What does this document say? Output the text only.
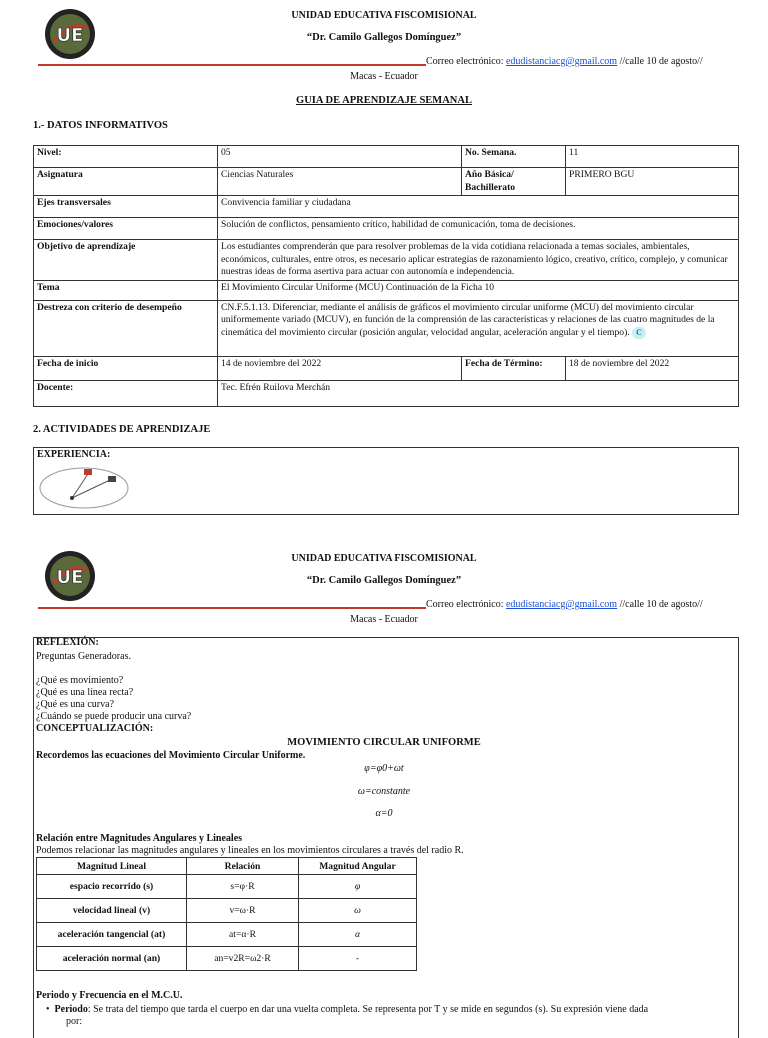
UE
UNIDAD EDUCATIVA FISCOMISIONAL
“Dr. Camilo Gallegos Domínguez”
Correo electrónico: edudistanciacg@gmail.com //calle 10 de agosto//
Macas - Ecuador
GUIA DE APRENDIZAJE SEMANAL
1.- DATOS INFORMATIVOS
Nivel:	05	No. Semana.	11
Asignatura	Ciencias Naturales	Año Básica/ Bachillerato	PRIMERO BGU
Ejes transversales	Convivencia familiar y ciudadana		
Emociones/valores	Solución de conflictos, pensamiento crítico, habilidad de comunicación, toma de decisiones.		
Objetivo de aprendizaje	Los estudiantes comprenderán que para resolver problemas de la vida cotidiana relacionada a temas sociales, ambientales, económicos, culturales, entre otros, es necesario aplicar estrategias de razonamiento lógico, creativo, crítico, complejo, y comunicar nuestras ideas de forma asertiva para actuar con autonomía e independencia.		
Tema	El Movimiento Circular Uniforme (MCU) Continuación de la Ficha 10		
Destreza con criterio de desempeño	CN.F.5.1.13. Diferenciar, mediante el análisis de gráficos el movimiento circular uniforme (MCU) del movimiento circular uniformemente variado (MCUV), en función de la comprensión de las características y relaciones de las cuatro magnitudes de la cinemática del movimiento circular (posición angular, velocidad angular, aceleración angular y el tiempo). C		
Fecha de inicio	14 de noviembre del 2022	Fecha de Término:	18 de noviembre del 2022
Docente:	Tec. Efrén Ruilova Merchán		
2. ACTIVIDADES DE APRENDIZAJE
EXPERIENCIA:
UE
UNIDAD EDUCATIVA FISCOMISIONAL
“Dr. Camilo Gallegos Domínguez”
Correo electrónico: edudistanciacg@gmail.com //calle 10 de agosto//
Macas - Ecuador
REFLEXIÓN:
Preguntas Generadoras.
¿Qué es movimiento?
¿Qué es una línea recta?
¿Qué es una curva?
¿Cuándo se puede producir una curva?
CONCEPTUALIZACIÓN:
MOVIMIENTO CIRCULAR UNIFORME
Recordemos las ecuaciones del Movimiento Circular Uniforme.
φ=φ0+ωt
ω=constante
α=0
Relación entre Magnitudes Angulares y Lineales
Podemos relacionar las magnitudes angulares y lineales en los movimientos circulares a través del radio R.
Magnitud Lineal	Relación	Magnitud Angular
espacio recorrido (s)	s=φ·R	φ
velocidad lineal (v)	v=ω·R	ω
aceleración tangencial (at)	at=α·R	α
aceleración normal (an)	an=v2R=ω2·R	-
Periodo y Frecuencia en el M.C.U.
• Periodo: Se trata del tiempo que tarda el cuerpo en dar una vuelta completa. Se representa por T y se mide en segundos (s). Su expresión viene dada
por:
